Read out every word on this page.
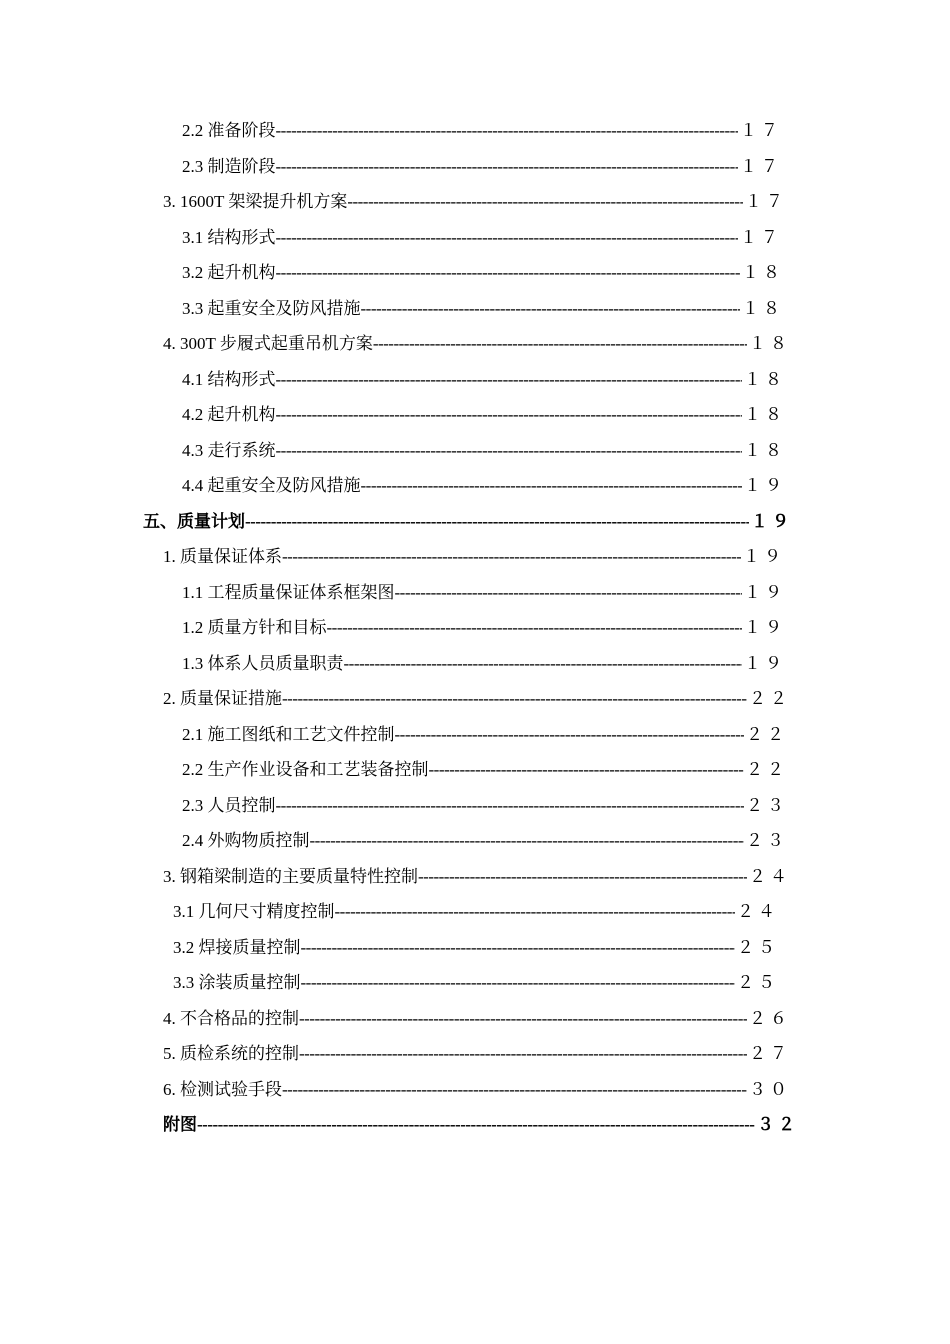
2.2 准备阶段 -----	１７
2.3 制造阶段 -----	１７
3. 1600T 架梁提升机方案 -----	１７
3.1 结构形式 -----	１７
3.2 起升机构 -----	１８
3.3 起重安全及防风措施 -----	１８
4. 300T 步履式起重吊机方案 -----	１８
4.1 结构形式 -----	１８
4.2 起升机构 -----	１８
4.3 走行系统 -----	１８
4.4 起重安全及防风措施 -----	１９
五、质量计划 -----	１９
1. 质量保证体系 -----	１９
1.1 工程质量保证体系框架图 -----	１９
1.2 质量方针和目标 -----	１９
1.3 体系人员质量职责 -----	１９
2. 质量保证措施 -----	２２
2.1 施工图纸和工艺文件控制 -----	２２
2.2 生产作业设备和工艺装备控制 -----	２２
2.3 人员控制 -----	２３
2.4 外购物质控制 -----	２３
3. 钢箱梁制造的主要质量特性控制 -----	２４
3.1 几何尺寸精度控制 -----	２４
3.2 焊接质量控制 -----	２５
3.3 涂装质量控制 -----	２５
4. 不合格品的控制 -----	２６
5. 质检系统的控制 -----	２７
6. 检测试验手段 -----	３０
附图 -----	３２
